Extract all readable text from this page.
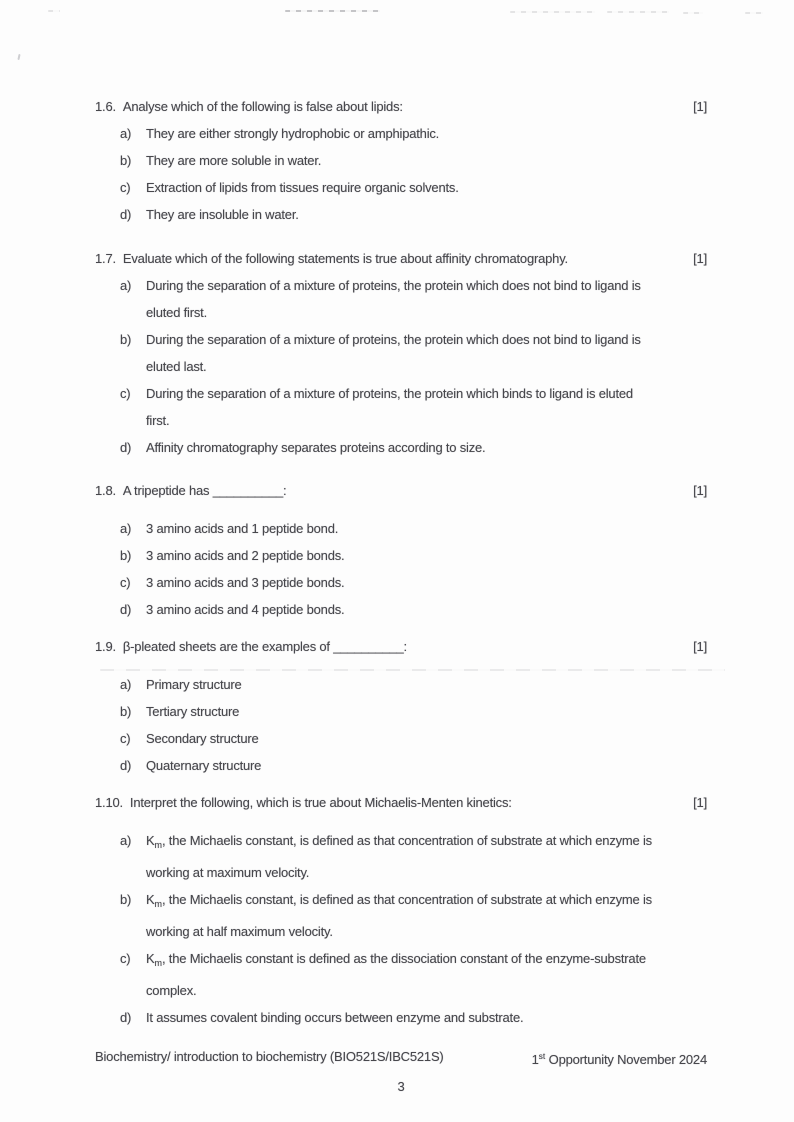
1.6. Analyse which of the following is false about lipids:	[1]
a)	They are either strongly hydrophobic or amphipathic.
b)	They are more soluble in water.
c)	Extraction of lipids from tissues require organic solvents.
d)	They are insoluble in water.
1.7. Evaluate which of the following statements is true about affinity chromatography.	[1]
a)	During the separation of a mixture of proteins, the protein which does not bind to ligand is
eluted first.
b)	During the separation of a mixture of proteins, the protein which does not bind to ligand is
eluted last.
c)	During the separation of a mixture of proteins, the protein which binds to ligand is eluted
first.
d)	Affinity chromatography separates proteins according to size.
1.8. A tripeptide has __________:	[1]
a)	3 amino acids and 1 peptide bond.
b)	3 amino acids and 2 peptide bonds.
c)	3 amino acids and 3 peptide bonds.
d)	3 amino acids and 4 peptide bonds.
1.9. β-pleated sheets are the examples of __________:	[1]
a)	Primary structure
b)	Tertiary structure
c)	Secondary structure
d)	Quaternary structure
1.10. Interpret the following, which is true about Michaelis-Menten kinetics:	[1]
a)	$K_m$, the Michaelis constant, is defined as that concentration of substrate at which enzyme is
working at maximum velocity.
b)	$K_m$, the Michaelis constant, is defined as that concentration of substrate at which enzyme is
working at half maximum velocity.
c)	$K_m$, the Michaelis constant is defined as the dissociation constant of the enzyme-substrate
complex.
d)	It assumes covalent binding occurs between enzyme and substrate.
Biochemistry/ introduction to biochemistry (BIO521S/IBC521S)	1st Opportunity November 2024
3
